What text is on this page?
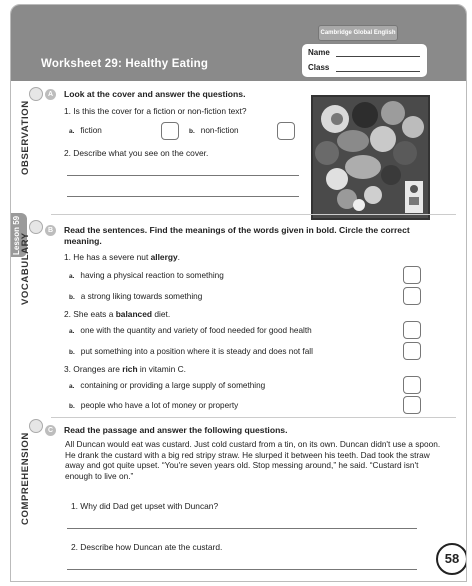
Cambridge Global English
Worksheet 29: Healthy Eating
Name
Class
OBSERVATION
Lesson 59 VOCABULARY
COMPREHENSION
A	Look at the cover and answer the questions.
1. Is this the cover for a fiction or non-fiction text?
a. fiction	b. non-fiction
2. Describe what you see on the cover.
B	Read the sentences. Find the meanings of the words given in bold. Circle the correct meaning.
1. He has a severe nut allergy.
a. having a physical reaction to something
b. a strong liking towards something
2. She eats a balanced diet.
a. one with the quantity and variety of food needed for good health
b. put something into a position where it is steady and does not fall
3. Oranges are rich in vitamin C.
a. containing or providing a large supply of something
b. people who have a lot of money or property
C	Read the passage and answer the following questions.
All Duncan would eat was custard. Just cold custard from a tin, on its own. Duncan didn't use a spoon. He drank the custard with a big red stripy straw. He slurped it between his teeth. Dad took the straw away and got quite upset. “You're seven years old. Stop messing around,” he said. “Custard isn't enough to live on.”
1. Why did Dad get upset with Duncan?
2. Describe how Duncan ate the custard.
58
